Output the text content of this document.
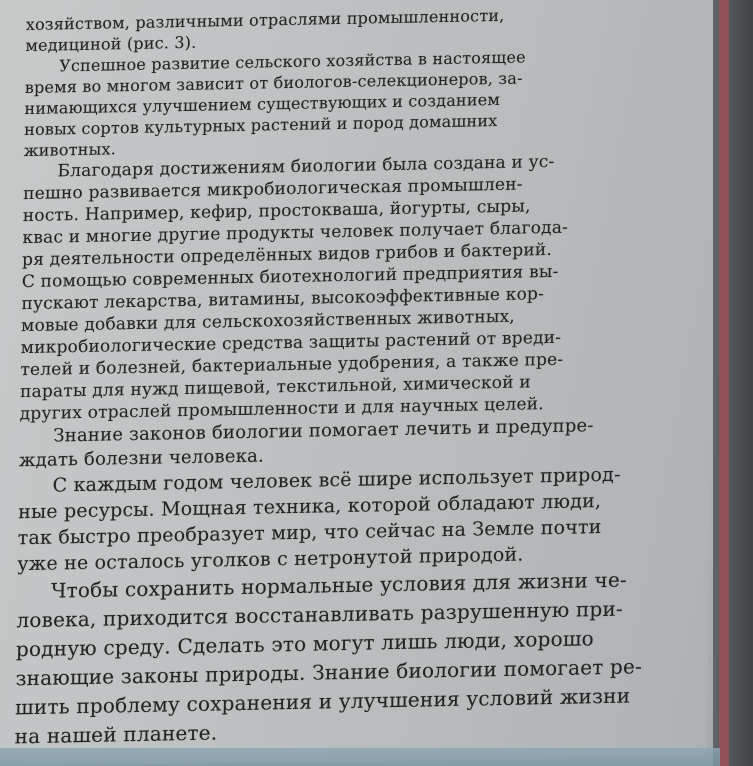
хозяйством, различными отраслями промышленности,
медициной (рис. 3).

Успешное развитие сельского хозяйства в настоящее
время во многом зависит от биологов-селекционеров, за-
нимающихся улучшением существующих и созданием
новых сортов культурных растений и пород домашних
животных.

Благодаря достижениям биологии была создана и ус-
пешно развивается микробиологическая промышлен-
ность. Например, кефир, простокваша, йогурты, сыры,
квас и многие другие продукты человек получает благода-
ря деятельности определённых видов грибов и бактерий.
С помощью современных биотехнологий предприятия вы-
пускают лекарства, витамины, высокоэффективные кор-
мовые добавки для сельскохозяйственных животных,
микробиологические средства защиты растений от вреди-
телей и болезней, бактериальные удобрения, а также пре-
параты для нужд пищевой, текстильной, химической и
других отраслей промышленности и для научных целей.

Знание законов биологии помогает лечить и предупре-
ждать болезни человека.

С каждым годом человек всё шире использует природ-
ные ресурсы. Мощная техника, которой обладают люди,
так быстро преобразует мир, что сейчас на Земле почти
уже не осталось уголков с нетронутой природой.

Чтобы сохранить нормальные условия для жизни че-
ловека, приходится восстанавливать разрушенную при-
родную среду. Сделать это могут лишь люди, хорошо
знающие законы природы. Знание биологии помогает ре-
шить проблему сохранения и улучшения условий жизни
на нашей планете.
